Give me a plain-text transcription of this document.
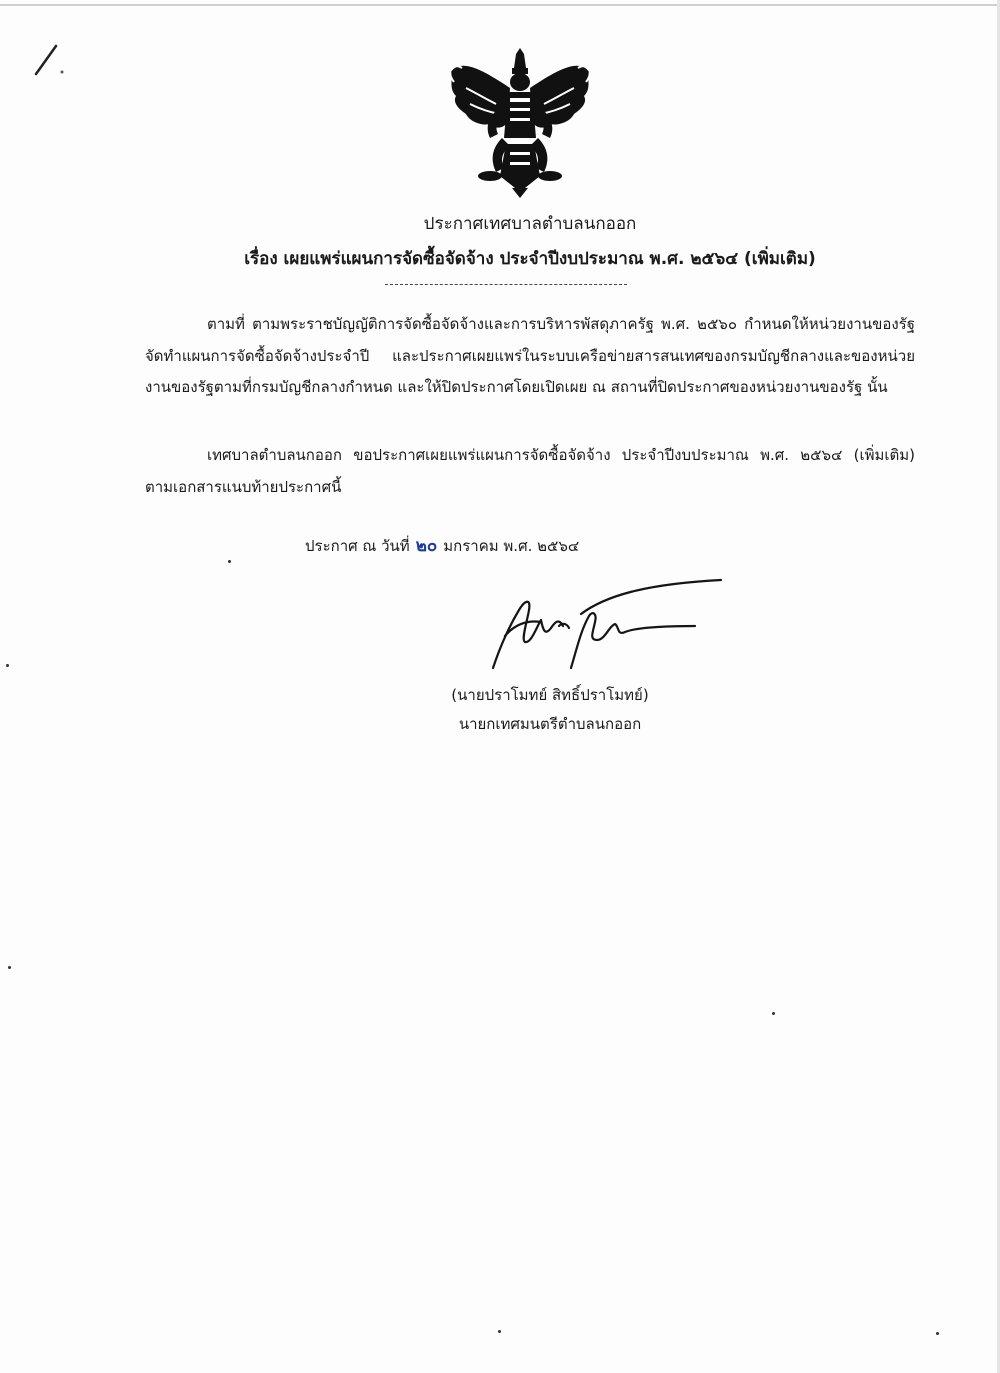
ประกาศเทศบาลตำบลนกออก
เรื่อง เผยแพร่แผนการจัดซื้อจัดจ้าง ประจำปีงบประมาณ พ.ศ. ๒๕๖๔ (เพิ่มเติม)
ตามที่ ตามพระราชบัญญัติการจัดซื้อจัดจ้างและการบริหารพัสดุภาครัฐ พ.ศ. ๒๕๖๐ กำหนดให้หน่วยงานของรัฐจัดทำแผนการจัดซื้อจัดจ้างประจำปี และประกาศเผยแพร่ในระบบเครือข่ายสารสนเทศของกรมบัญชีกลางและของหน่วยงานของรัฐตามที่กรมบัญชีกลางกำหนด และให้ปิดประกาศโดยเปิดเผย ณ สถานที่ปิดประกาศของหน่วยงานของรัฐ นั้น
เทศบาลตำบลนกออก ขอประกาศเผยแพร่แผนการจัดซื้อจัดจ้าง ประจำปีงบประมาณ พ.ศ. ๒๕๖๔ (เพิ่มเติม) ตามเอกสารแนบท้ายประกาศนี้
ประกาศ ณ วันที่ ๒๐ มกราคม พ.ศ. ๒๕๖๔
(นายปราโมทย์ สิทธิ์ปราโมทย์)
นายกเทศมนตรีตำบลนกออก
